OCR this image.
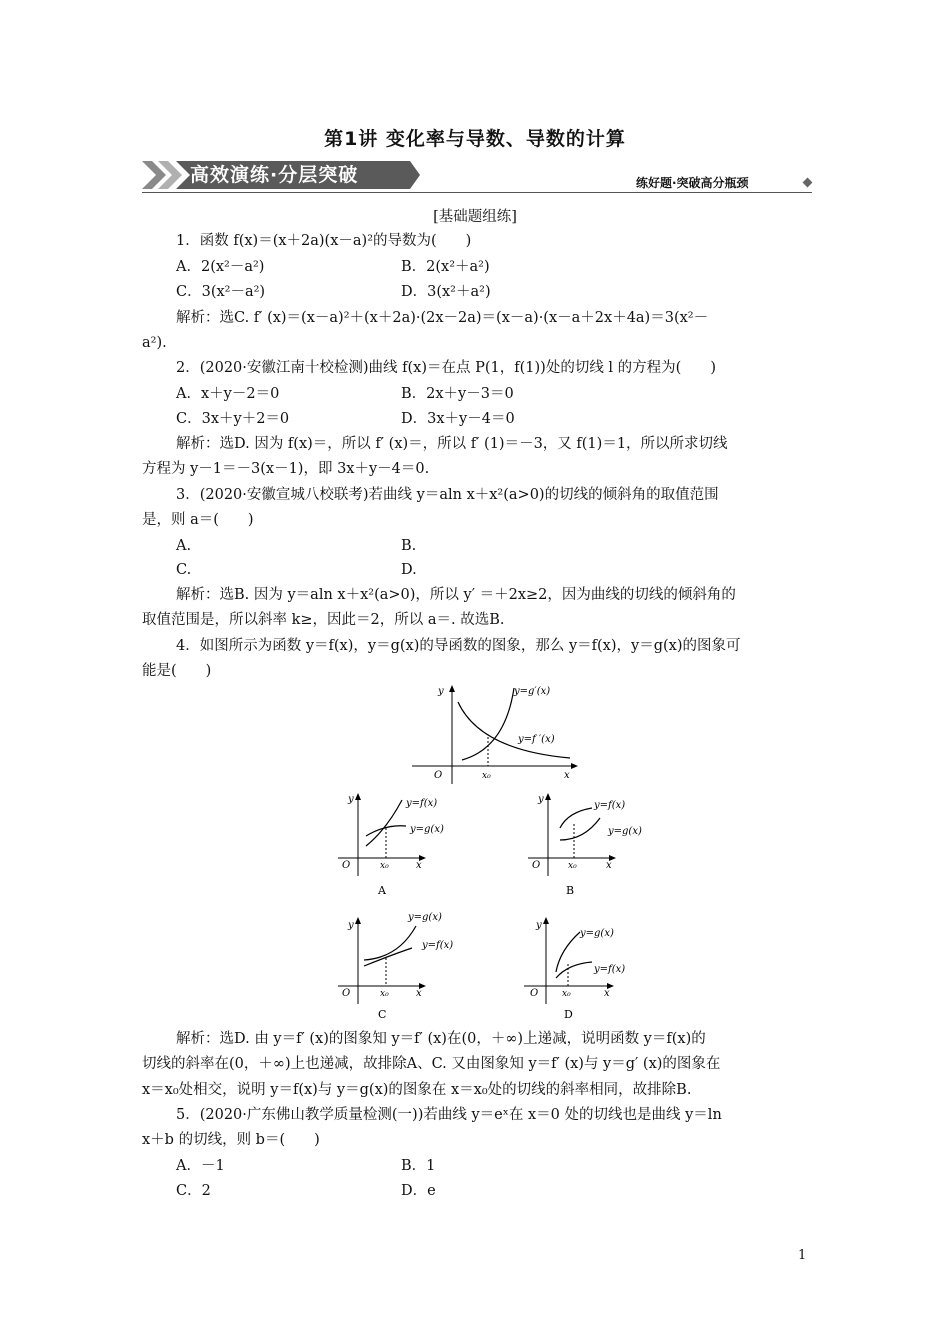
第1讲 变化率与导数、导数的计算
高效演练·分层突破	练好题·突破高分瓶颈
[基础题组练]
1．函数 f(x)＝(x＋2a)(x－a)²的导数为(　　)
A．2(x²－a²)	B．2(x²＋a²)
C．3(x²－a²)	D．3(x²＋a²)
解析：选C. f′ (x)＝(x－a)²＋(x＋2a)·(2x－2a)＝(x－a)·(x－a＋2x＋4a)＝3(x²－
a²).
2．(2020·安徽江南十校检测)曲线 f(x)＝在点 P(1，f(1))处的切线 l 的方程为(　　)
A．x＋y－2＝0	B．2x＋y－3＝0
C．3x＋y＋2＝0	D．3x＋y－4＝0
解析：选D. 因为 f(x)＝，所以 f′ (x)＝，所以 f′ (1)＝－3，又 f(1)＝1，所以所求切线
方程为 y－1＝－3(x－1)，即 3x＋y－4＝0.
3．(2020·安徽宣城八校联考)若曲线 y＝aln x＋x²(a>0)的切线的倾斜角的取值范围
是，则 a＝(　　)
A.	B.
C.	D.
解析：选B. 因为 y＝aln x＋x²(a>0)，所以 y′ ＝＋2x≥2，因为曲线的切线的倾斜角的
取值范围是，所以斜率 k≥，因此＝2，所以 a＝. 故选B.
4．如图所示为函数 y＝f(x)，y＝g(x)的导函数的图象，那么 y＝f(x)，y＝g(x)的图象可
能是(　　)
y
x
O	x₀
y=g′(x)
y=f ′(x)
y
x
O	x₀
y=f(x)
y=g(x)
A
y
x
O	x₀
y=f(x)
y=g(x)
B
y
x
O	x₀
y=g(x)
y=f(x)
C
y
x
O	x₀
y=g(x)
y=f(x)
D
解析：选D. 由 y＝f′ (x)的图象知 y＝f′ (x)在(0，＋∞)上递减，说明函数 y＝f(x)的
切线的斜率在(0，＋∞)上也递减，故排除A、C. 又由图象知 y＝f′ (x)与 y＝g′ (x)的图象在
x＝x₀处相交，说明 y＝f(x)与 y＝g(x)的图象在 x＝x₀处的切线的斜率相同，故排除B.
5．(2020·广东佛山教学质量检测(一))若曲线 y＝eˣ在 x＝0 处的切线也是曲线 y＝ln
x＋b 的切线，则 b＝(　　)
A．－1	B．1
C．2	D．e
1
